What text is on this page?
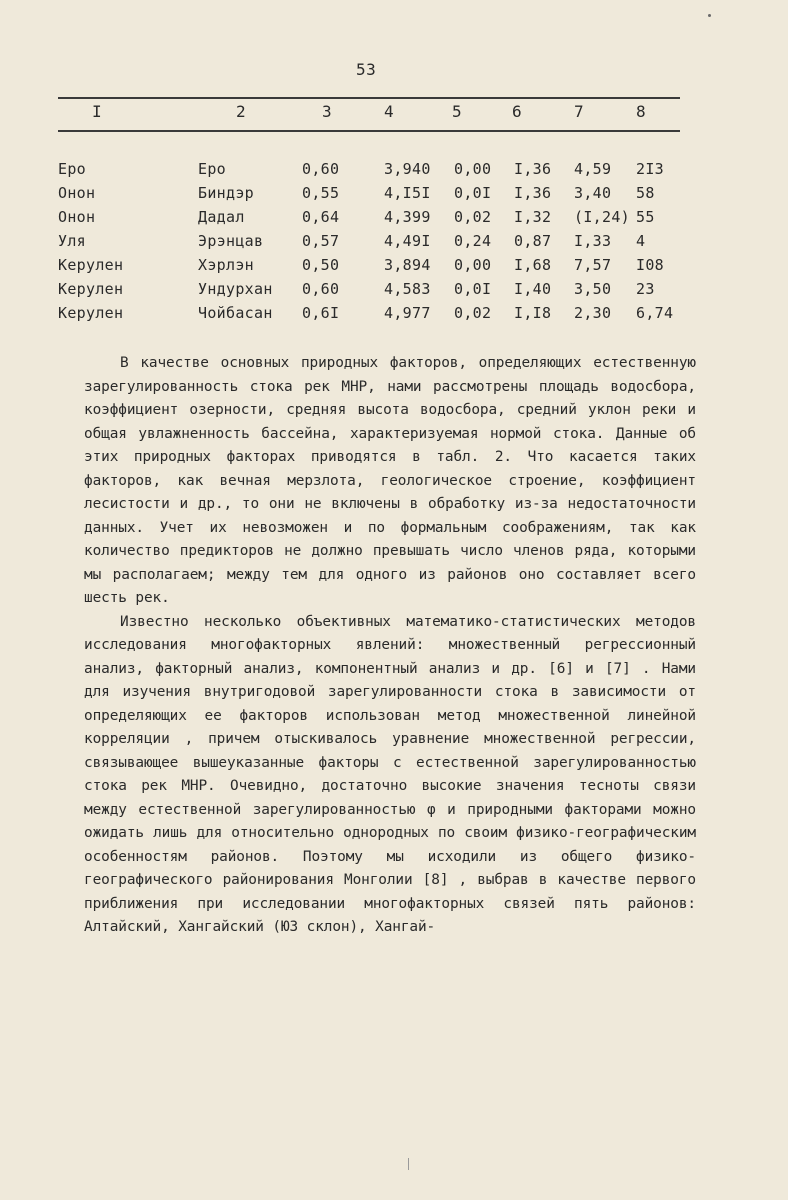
53
I	2	3	4	5	6	7	8
Еро	Еро	0,60	3,940 0,00 I,36 4,59 2I3
Онон	Биндэр	0,55	4,I5I 0,0I I,36 3,40 58
Онон	Дадал	0,64	4,399 0,02 I,32 (I,24) 55
Уля	Эрэнцав	0,57	4,49I 0,24 0,87 I,33 4
Керулен	Хэрлэн	0,50	3,894 0,00 I,68 7,57 I08
Керулен	Ундурхан 0,60	4,583 0,0I I,40 3,50 23
Керулен	Чойбасан 0,6I	4,977 0,02 I,I8 2,30 6,74

В качестве основных природных факторов, определяющих естественную зарегулированность стока рек МНР, нами рассмотрены площадь водосбора, коэффициент озерности, средняя высота водосбора, средний уклон реки и общая увлажненность бассейна, характеризуемая нормой стока. Данные об этих природных факторах приводятся в табл. 2. Что касается таких факторов, как вечная мерзлота, геологическое строение, коэффициент лесистости и др., то они не включены в обработку из-за недостаточности данных. Учет их невозможен и по формальным соображениям, так как количество предикторов не должно превышать число членов ряда, которыми мы располагаем; между тем для одного из районов оно составляет всего шесть рек.

Известно несколько объективных математико-статистических методов исследования многофакторных явлений: множественный регрессионный анализ, факторный анализ, компонентный анализ и др. [6] и [7] . Нами для изучения внутригодовой зарегулированности стока в зависимости от определяющих ее факторов использован метод множественной линейной корреляции , причем отыскивалось уравнение множественной регрессии, связывающее вышеуказанные факторы с естественной зарегулированностью стока рек МНР. Очевидно, достаточно высокие значения тесноты связи между естественной зарегулированностью φ и природными факторами можно ожидать лишь для относительно однородных по своим физико-географическим особенностям районов. Поэтому мы исходили из общего физико-географического районирования Монголии [8] , выбрав в качестве первого приближения при исследовании многофакторных связей пять районов: Алтайский, Хангайский (ЮЗ склон), Хангай-
